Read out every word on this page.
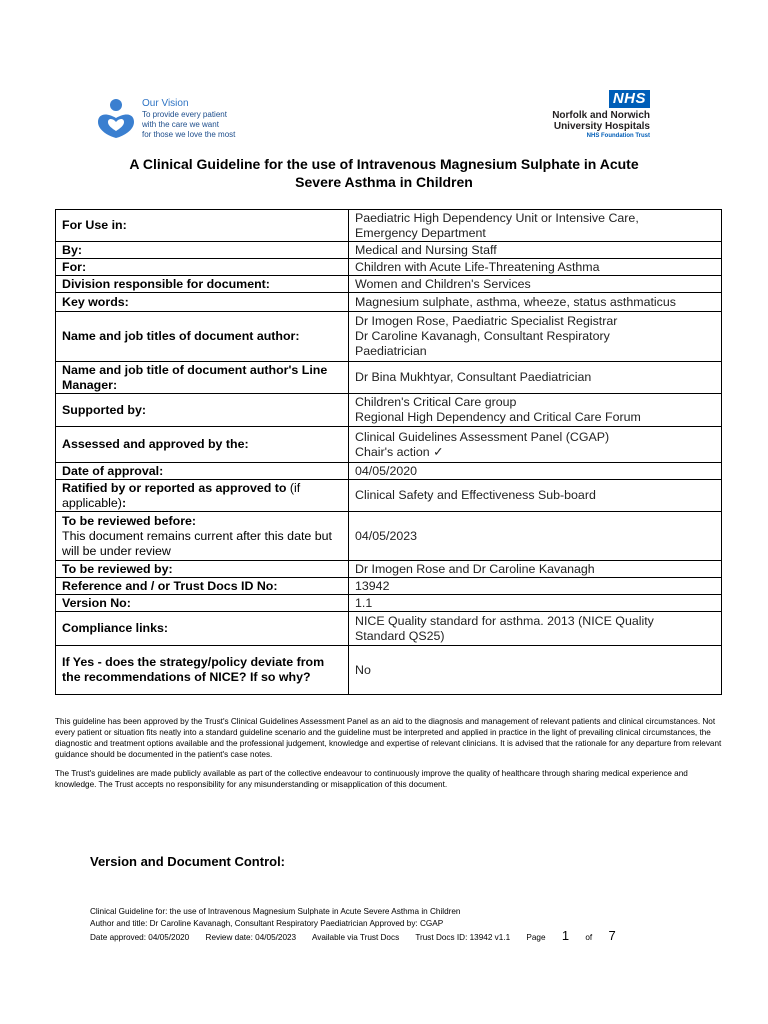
Our Vision
To provide every patient
with the care we want
for those we love the most
NHS
Norfolk and Norwich
University Hospitals
NHS Foundation Trust
A Clinical Guideline for the use of Intravenous Magnesium Sulphate in Acute
Severe Asthma in Children
For Use in:	Paediatric High Dependency Unit or Intensive Care,
Emergency Department

By:	Medical and Nursing Staff

For:	Children with Acute Life-Threatening Asthma

Division responsible for document:	Women and Children's Services

Key words:	Magnesium sulphate, asthma, wheeze, status asthmaticus

Name and job titles of document author:	Dr Imogen Rose, Paediatric Specialist Registrar
Dr Caroline Kavanagh, Consultant Respiratory
Paediatrician

Name and job title of document author's Line Manager:	Dr Bina Mukhtyar, Consultant Paediatrician

Supported by:	Children's Critical Care group
Regional High Dependency and Critical Care Forum

Assessed and approved by the:	Clinical Guidelines Assessment Panel (CGAP)
Chair's action ✓

Date of approval:	04/05/2020

Ratified by or reported as approved to (if applicable):	Clinical Safety and Effectiveness Sub-board

To be reviewed before:
This document remains current after this date but will be under review	04/05/2023

To be reviewed by:	Dr Imogen Rose and Dr Caroline Kavanagh

Reference and / or Trust Docs ID No:	13942

Version No:	1.1

Compliance links:	NICE Quality standard for asthma. 2013 (NICE Quality
Standard QS25)

If Yes - does the strategy/policy deviate from the recommendations of NICE? If so why?	No

This guideline has been approved by the Trust's Clinical Guidelines Assessment Panel as an aid to the diagnosis and management of relevant patients and clinical circumstances. Not every patient or situation fits neatly into a standard guideline scenario and the guideline must be interpreted and applied in practice in the light of prevailing clinical circumstances, the diagnostic and treatment options available and the professional judgement, knowledge and expertise of relevant clinicians. It is advised that the rationale for any departure from relevant guidance should be documented in the patient's case notes.

The Trust's guidelines are made publicly available as part of the collective endeavour to continuously improve the quality of healthcare through sharing medical experience and knowledge. The Trust accepts no responsibility for any misunderstanding or misapplication of this document.

Version and Document Control:
Clinical Guideline for: the use of Intravenous Magnesium Sulphate in Acute Severe Asthma in Children
Author and title: Dr Caroline Kavanagh, Consultant Respiratory Paediatrician Approved by: CGAP
Date approved: 04/05/2020 Review date: 04/05/2023 Available via Trust Docs Trust Docs ID: 13942 v1.1 Page 1 of 7
